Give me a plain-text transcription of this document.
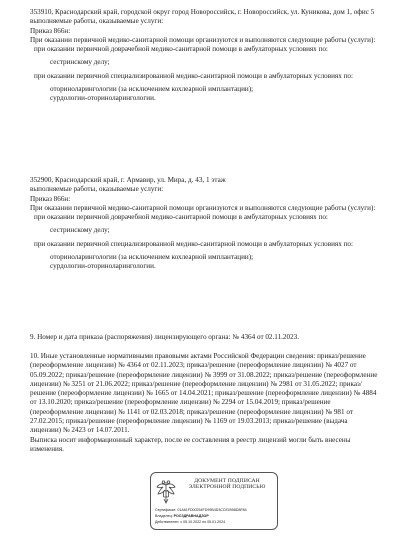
353910, Краснодарский край, городской округ город Новороссийск, г. Новороссийск, ул. Куникова, дом 1, офис 5

выполняемые работы, оказываемые услуги:

Приказ 866н:

При оказании первичной медико-санитарной помощи организуются и выполняются следующие работы (услуги):

при оказании первичной доврачебной медико-санитарной помощи в амбулаторных условиях по:

сестринскому делу;

при оказании первичной специализированной медико-санитарной помощи в амбулаторных условиях по:

оториноларингологии (за исключением кохлеарной имплантации);

сурдологии-оториноларингологии.

352900, Краснодарский край, г. Армавир, ул. Мира, д. 43, 1 этаж

выполняемые работы, оказываемые услуги:

Приказ 866н:

При оказании первичной медико-санитарной помощи организуются и выполняются следующие работы (услуги):

при оказании первичной доврачебной медико-санитарной помощи в амбулаторных условиях по:

сестринскому делу;

при оказании первичной специализированной медико-санитарной помощи в амбулаторных условиях по:

оториноларингологии (за исключением кохлеарной имплантации);

сурдологии-оториноларингологии.

9. Номер и дата приказа (распоряжения) лицензирующего органа: № 4364 от 02.11.2023.

10. Иные установленные нормативными правовыми актами Российской Федерации сведения: приказ/решение (переоформление лицензии) № 4364 от 02.11.2023; приказ/решение (переоформление лицензии) № 4027 от 05.09.2022; приказ/решение (переоформление лицензии) № 3999 от 31.08.2022; приказ/решение (переоформление лицензии) № 3251 от 21.06.2022; приказ/решение (переоформление лицензии) № 2981 от 31.05.2022; приказ/решение (переоформление лицензии) № 1665 от 14.04.2021; приказ/решение (переоформление лицензии) № 4884 от 13.10.2020; приказ/решение (переоформление лицензии) № 2294 от 15.04.2019; приказ/решение (переоформление лицензии) № 1141 от 02.03.2018; приказ/решение (переоформление лицензии) № 981 от 27.02.2015; приказ/решение (переоформление лицензии) № 1169 от 19.03.2013; приказ/решение (выдача лицензии) № 2423 от 14.07.2011.

Выписка носит информационный характер, после ее составления в реестр лицензий могли быть внесены изменения.

ДОКУМЕНТ ПОДПИСАН
ЭЛЕКТРОННОЙ ПОДПИСЬЮ
Сертификат: 01A61FD00254FD99B4D3CCE0958D8F84
Владелец: РОСЗДРАВНАДЗОР
Действителен: с 05.10.2022 по 05.01.2024
